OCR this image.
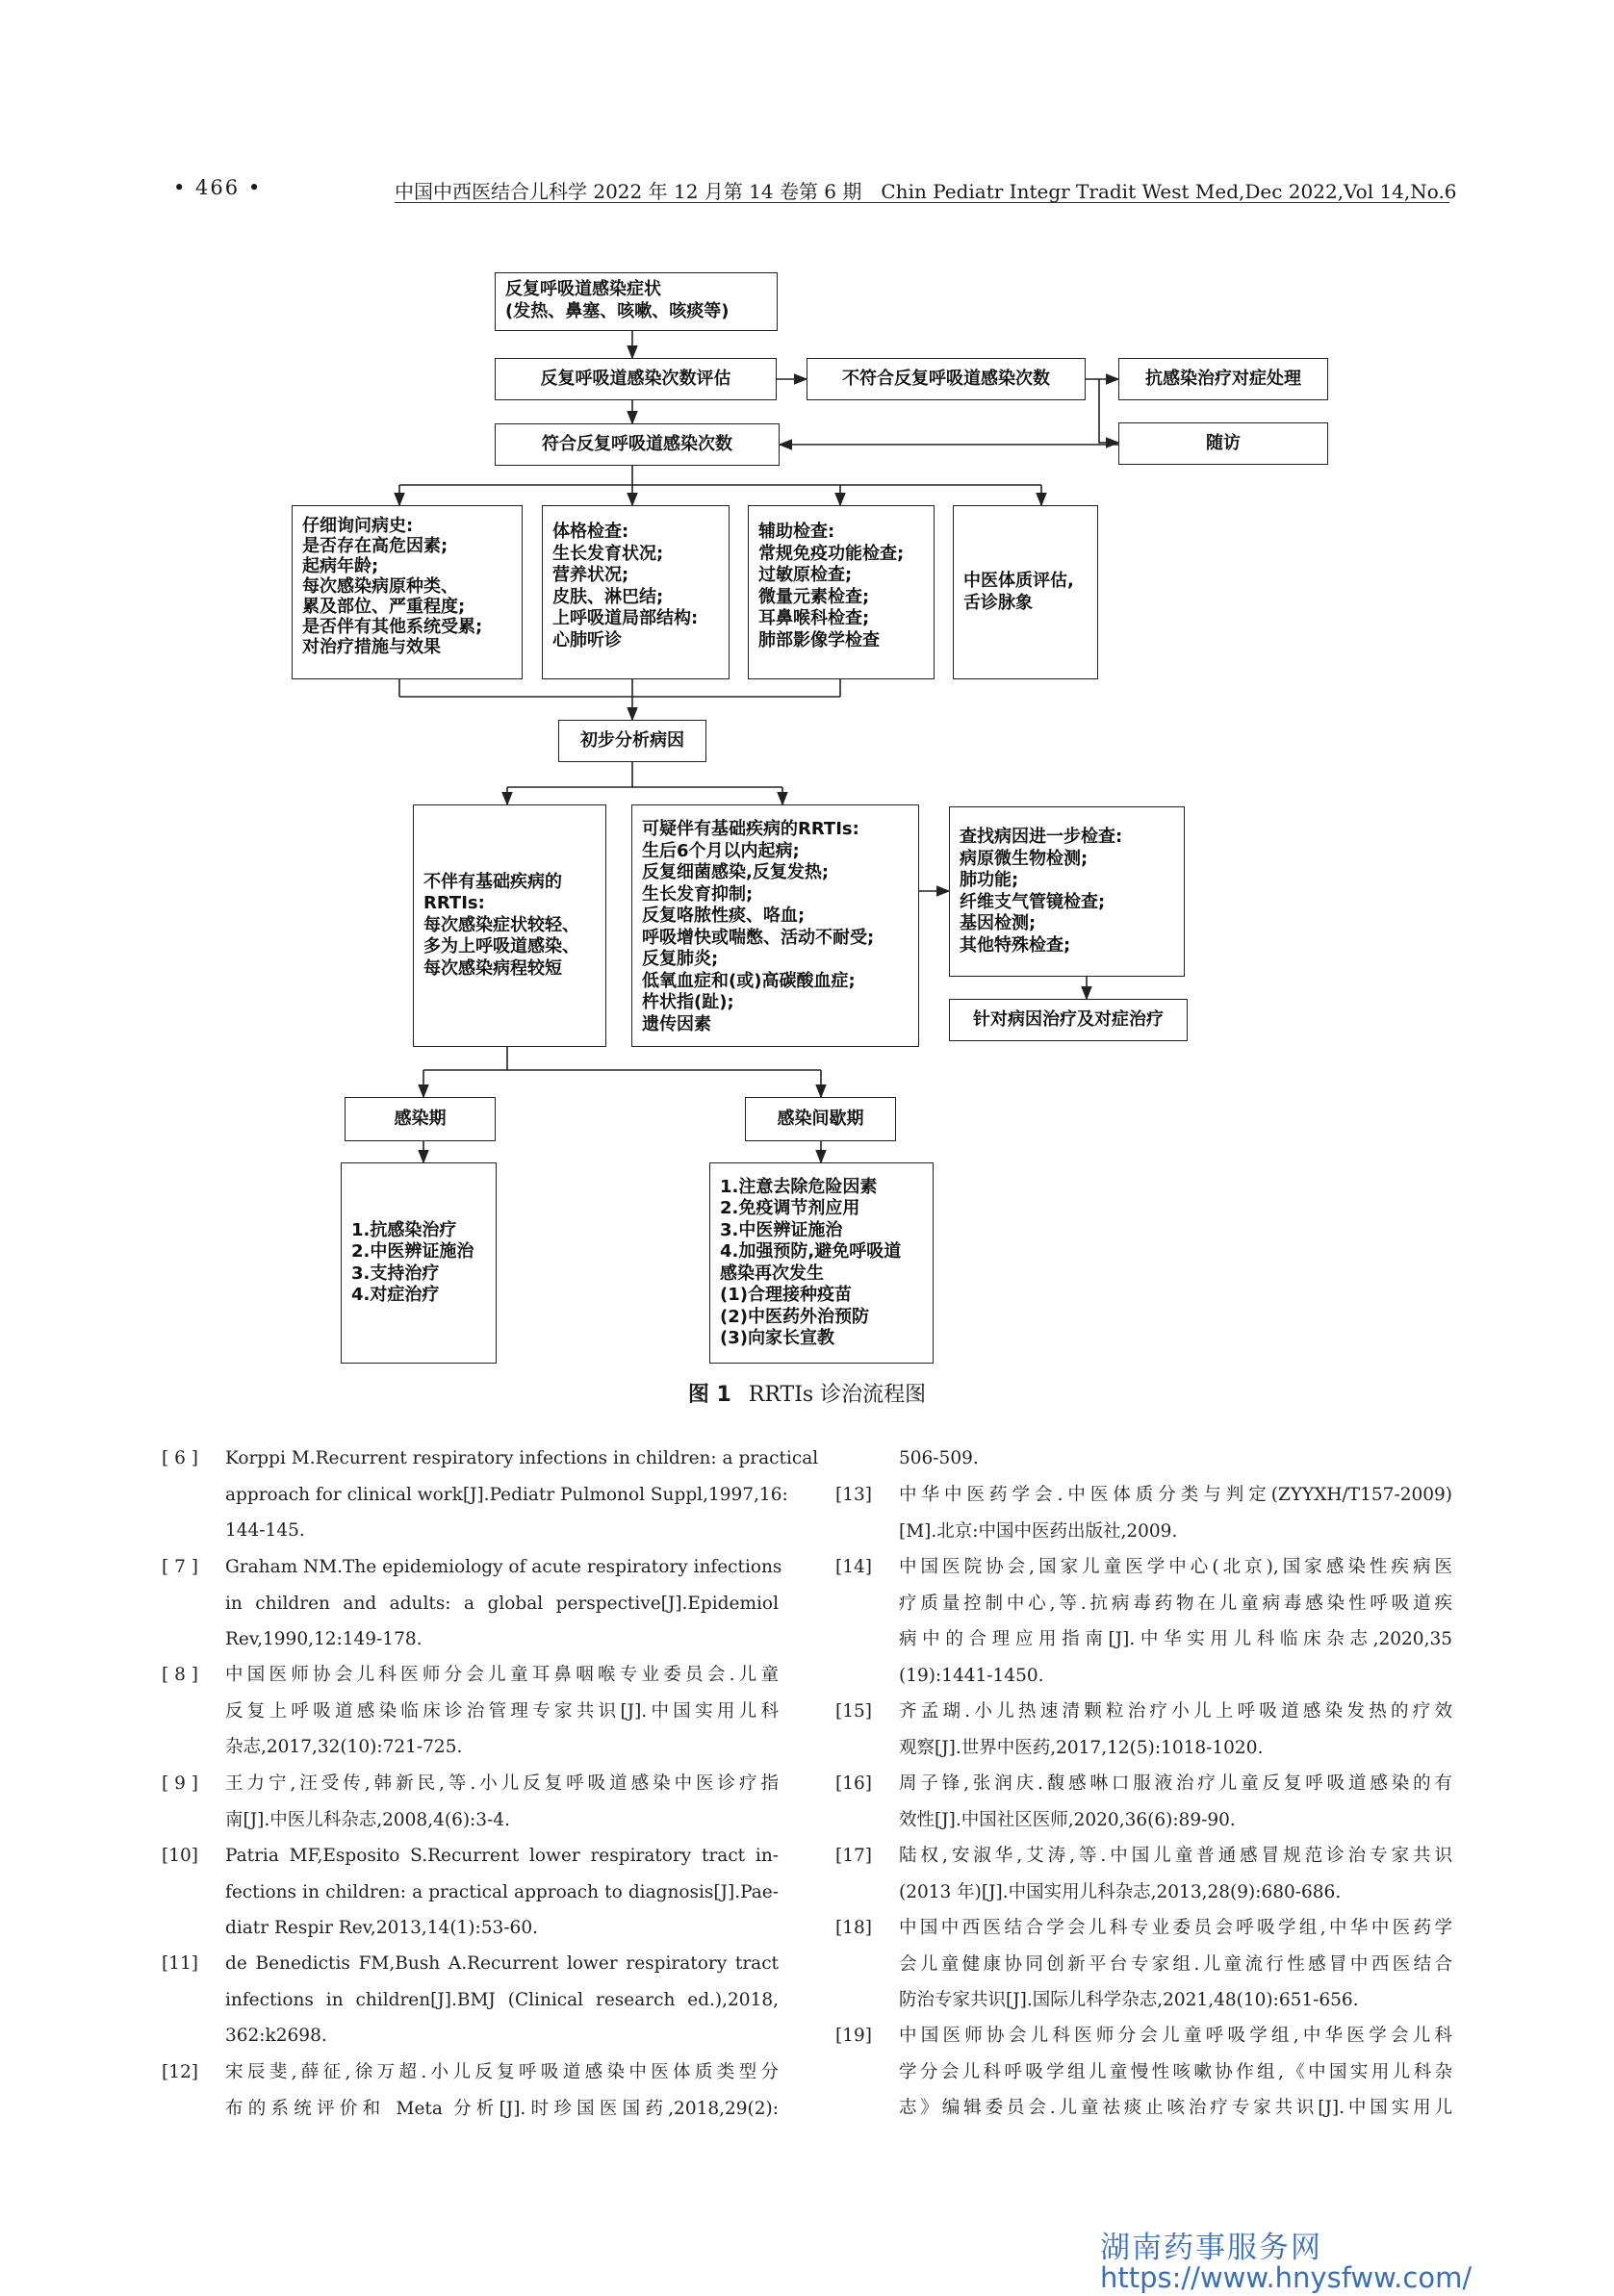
• 466 •	中国中西医结合儿科学 2022 年 12 月第 14 卷第 6 期　Chin Pediatr Integr Tradit West Med,Dec 2022,Vol 14,No.6
反复呼吸道感染症状
(发热、鼻塞、咳嗽、咳痰等)
反复呼吸道感染次数评估	不符合反复呼吸道感染次数	抗感染治疗对症处理
随访
符合反复呼吸道感染次数
仔细询问病史:
是否存在高危因素;
起病年龄;
每次感染病原种类、
累及部位、严重程度;
是否伴有其他系统受累;
对治疗措施与效果
体格检查:
生长发育状况;
营养状况;
皮肤、淋巴结;
上呼吸道局部结构:
心肺听诊
辅助检查:
常规免疫功能检查;
过敏原检查;
微量元素检查;
耳鼻喉科检查;
肺部影像学检查
中医体质评估,
舌诊脉象
初步分析病因
不伴有基础疾病的
RRTIs:
每次感染症状较轻、
多为上呼吸道感染、
每次感染病程较短
可疑伴有基础疾病的RRTIs:
生后6个月以内起病;
反复细菌感染,反复发热;
生长发育抑制;
反复咯脓性痰、咯血;
呼吸增快或喘憋、活动不耐受;
反复肺炎;
低氧血症和(或)高碳酸血症;
杵状指(趾);
遗传因素
查找病因进一步检查:
病原微生物检测;
肺功能;
纤维支气管镜检查;
基因检测;
其他特殊检查;
针对病因治疗及对症治疗
感染期	感染间歇期
1.抗感染治疗
2.中医辨证施治
3.支持治疗
4.对症治疗
1.注意去除危险因素
2.免疫调节剂应用
3.中医辨证施治
4.加强预防,避免呼吸道
感染再次发生
(1)合理接种疫苗
(2)中医药外治预防
(3)向家长宣教
图 1 RRTIs 诊治流程图
[ 6 ] Korppi M.Recurrent respiratory infections in children: a practical
approach for clinical work[J].Pediatr Pulmonol Suppl,1997,16:
144-145.
[ 7 ] Graham NM.The epidemiology of acute respiratory infections
in children and adults: a global perspective[J].Epidemiol
Rev,1990,12:149-178.
[ 8 ] 中国医师协会儿科医师分会儿童耳鼻咽喉专业委员会.儿童
反复上呼吸道感染临床诊治管理专家共识[J].中国实用儿科
杂志,2017,32(10):721-725.
[ 9 ] 王力宁,汪受传,韩新民,等.小儿反复呼吸道感染中医诊疗指
南[J].中医儿科杂志,2008,4(6):3-4.
[10] Patria MF,Esposito S.Recurrent lower respiratory tract in-
fections in children: a practical approach to diagnosis[J].Pae-
diatr Respir Rev,2013,14(1):53-60.
[11] de Benedictis FM,Bush A.Recurrent lower respiratory tract
infections in children[J].BMJ (Clinical research ed.),2018,
362:k2698.
[12] 宋辰斐,薛征,徐万超.小儿反复呼吸道感染中医体质类型分
布的系统评价和 Meta 分析[J].时珍国医国药,2018,29(2):
506-509.
[13] 中华中医药学会.中医体质分类与判定(ZYYXH/T157-2009)
[M].北京:中国中医药出版社,2009.
[14] 中国医院协会,国家儿童医学中心(北京),国家感染性疾病医
疗质量控制中心,等.抗病毒药物在儿童病毒感染性呼吸道疾
病中的合理应用指南[J].中华实用儿科临床杂志,2020,35
(19):1441-1450.
[15] 齐孟瑚.小儿热速清颗粒治疗小儿上呼吸道感染发热的疗效
观察[J].世界中医药,2017,12(5):1018-1020.
[16] 周子锋,张润庆.馥感啉口服液治疗儿童反复呼吸道感染的有
效性[J].中国社区医师,2020,36(6):89-90.
[17] 陆权,安淑华,艾涛,等.中国儿童普通感冒规范诊治专家共识
(2013 年)[J].中国实用儿科杂志,2013,28(9):680-686.
[18] 中国中西医结合学会儿科专业委员会呼吸学组,中华中医药学
会儿童健康协同创新平台专家组.儿童流行性感冒中西医结合
防治专家共识[J].国际儿科学杂志,2021,48(10):651-656.
[19] 中国医师协会儿科医师分会儿童呼吸学组,中华医学会儿科
学分会儿科呼吸学组儿童慢性咳嗽协作组,《中国实用儿科杂
志》编辑委员会.儿童祛痰止咳治疗专家共识[J].中国实用儿
湖南药事服务网
https://www.hnysfww.com/
